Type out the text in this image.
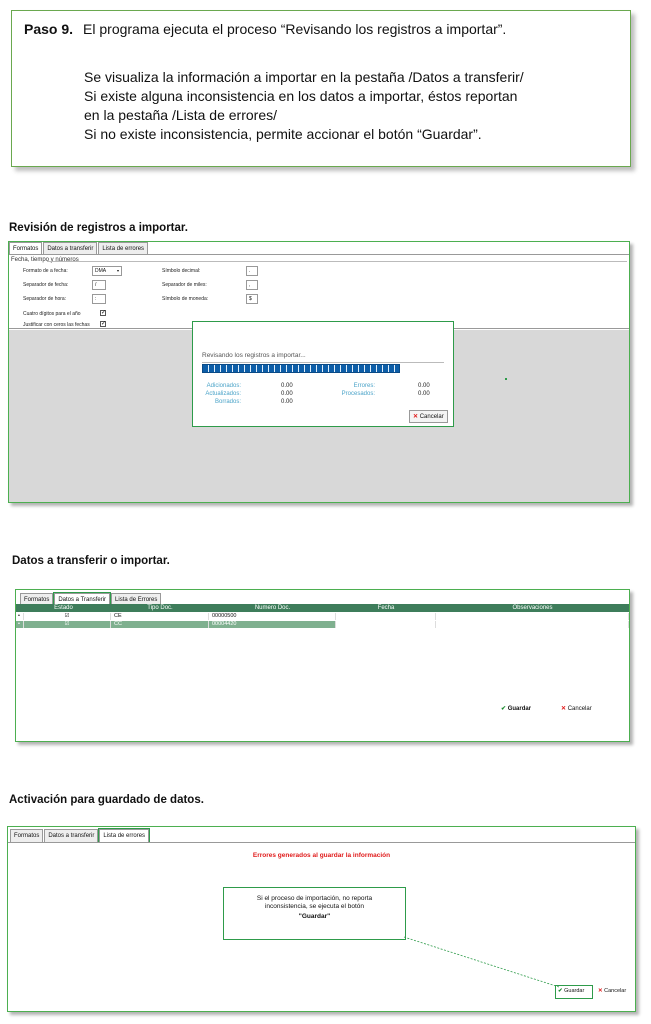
Paso 9. El programa ejecuta el proceso “Revisando los registros a importar”.
Se visualiza la información a importar en la pestaña /Datos a transferir/
Si existe alguna inconsistencia en los datos a importar, éstos reportan
en la pestaña /Lista de errores/
Si no existe inconsistencia, permite accionar el botón “Guardar”.
Revisión de registros a importar.
Formatos	Datos a transferir	Lista de errores
Fecha, tiempo y números
Formato de a fecha:	DMA	▾
Separador de fecha:	/
Separador de hora:	:
Cuatro dígitos para el año	✓
Justificar con ceros las fechas ✓
Símbolo decimal:	.
Separador de miles:	,
Símbolo de moneda:	$
Revisando los registros a importar...
Adicionados:	0.00
Actualizados:	0.00
Borrados:	0.00
Errores:	0.00
Procesados:	0.00
✕ Cancelar
Datos a transferir o importar.
Formatos	Datos a Transferir	Lista de Errores
Estado	Tipo Doc.	Numero Doc.	Fecha	Observaciones
•	☑	CE	00000500
•	☑	CC	00004420
✔ Guardar	✕ Cancelar
Activación para guardado de datos.
Formatos	Datos a transferir	Lista de errores
Errores generados al guardar la información
Si el proceso de importación, no reporta
inconsistencia, se ejecuta el botón
"Guardar"
✔ Guardar	✕ Cancelar
